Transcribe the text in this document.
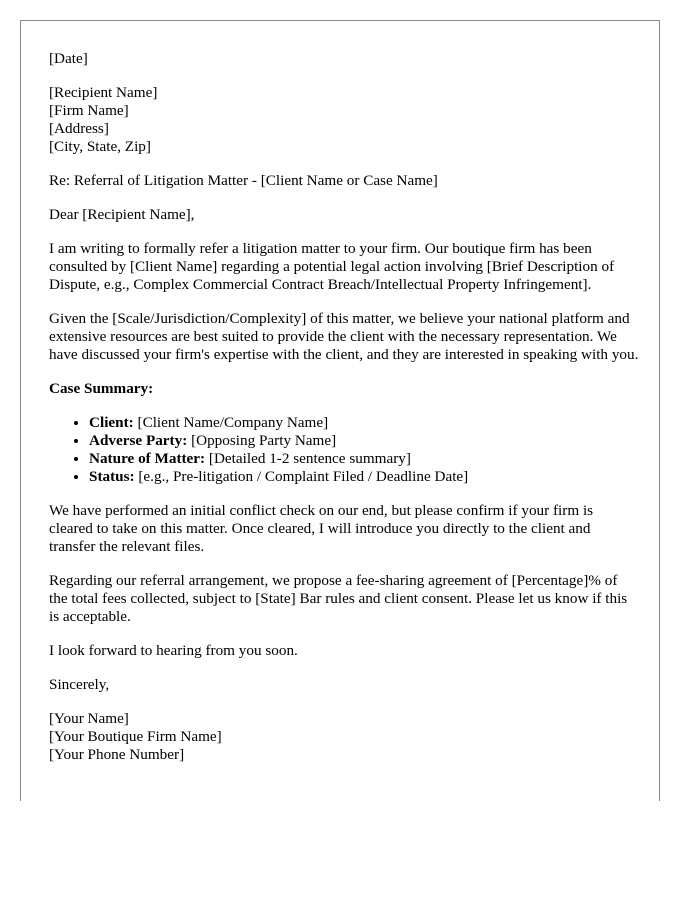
[Date]
[Recipient Name]
[Firm Name]
[Address]
[City, State, Zip]

Re: Referral of Litigation Matter - [Client Name or Case Name]

Dear [Recipient Name],

I am writing to formally refer a litigation matter to your firm. Our boutique firm has been consulted by [Client Name] regarding a potential legal action involving [Brief Description of Dispute, e.g., Complex Commercial Contract Breach/Intellectual Property Infringement].

Given the [Scale/Jurisdiction/Complexity] of this matter, we believe your national platform and extensive resources are best suited to provide the client with the necessary representation. We have discussed your firm's expertise with the client, and they are interested in speaking with you.

Case Summary:
• Client: [Client Name/Company Name]
• Adverse Party: [Opposing Party Name]
• Nature of Matter: [Detailed 1-2 sentence summary]
• Status: [e.g., Pre-litigation / Complaint Filed / Deadline Date]

We have performed an initial conflict check on our end, but please confirm if your firm is cleared to take on this matter. Once cleared, I will introduce you directly to the client and transfer the relevant files.

Regarding our referral arrangement, we propose a fee-sharing agreement of [Percentage]% of the total fees collected, subject to [State] Bar rules and client consent. Please let us know if this is acceptable.

I look forward to hearing from you soon.

Sincerely,

[Your Name]
[Your Boutique Firm Name]
[Your Phone Number]
